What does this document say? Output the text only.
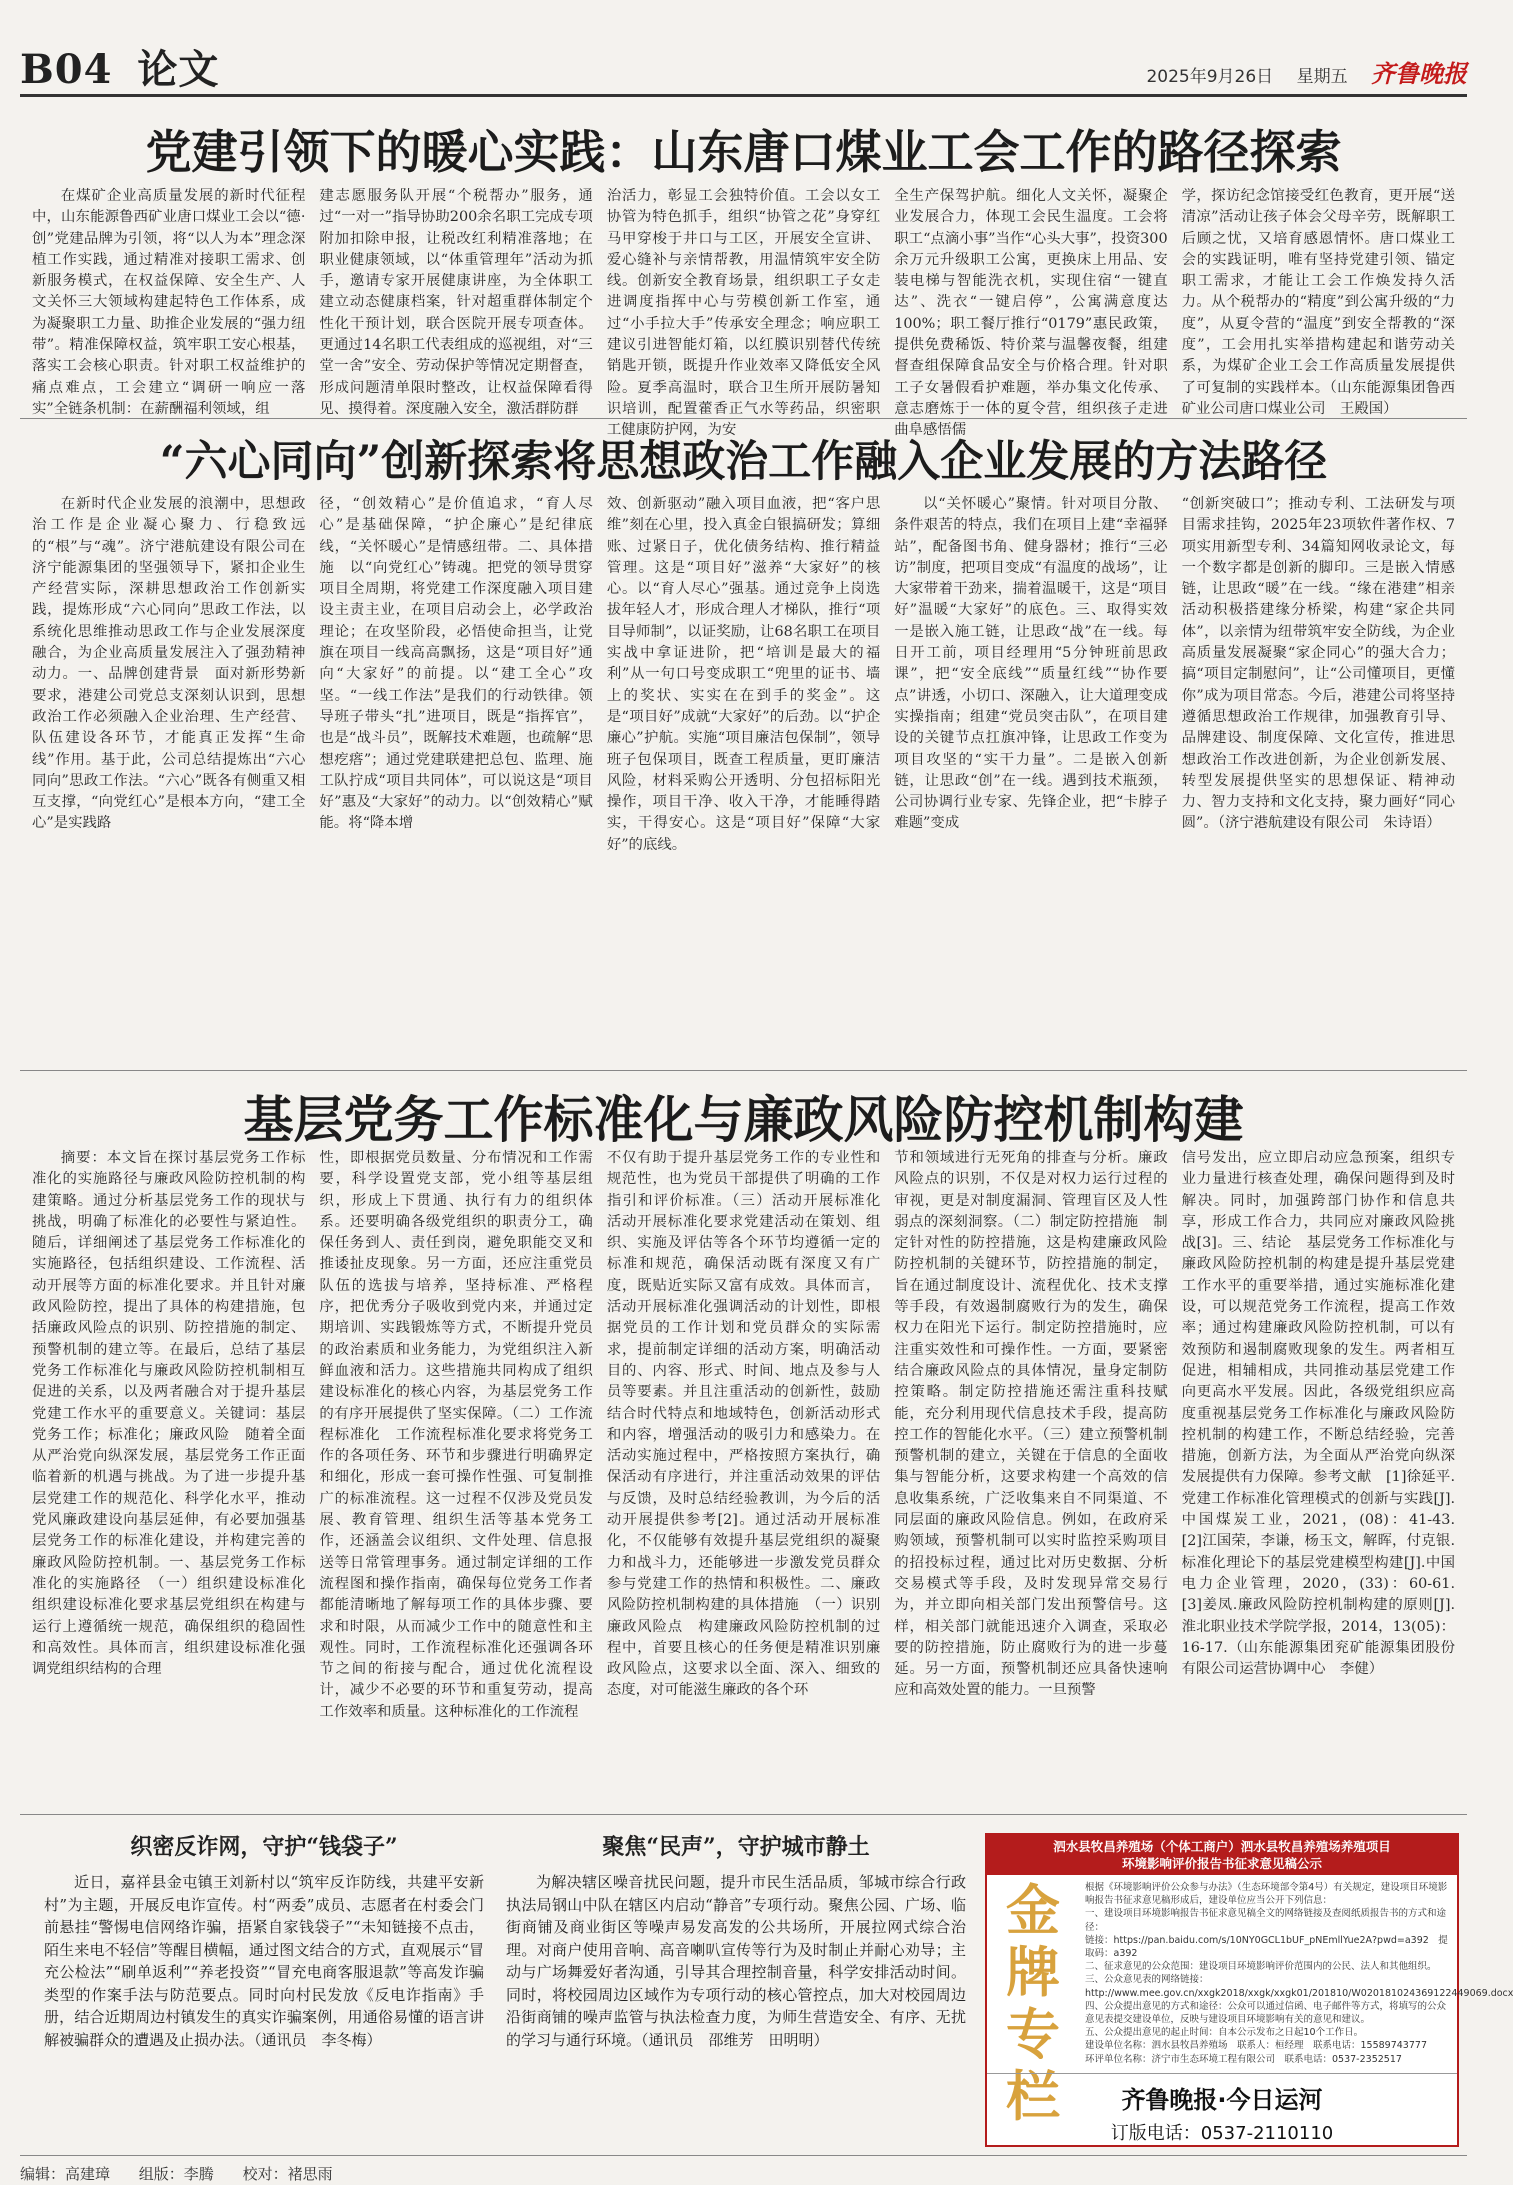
B04 论文	2025年9月26日 星期五 齐鲁晚报
党建引领下的暖心实践：山东唐口煤业工会工作的路径探索

在煤矿企业高质量发展的新时代征程中，山东能源鲁西矿业唐口煤业工会以“德·创”党建品牌为引领，将“以人为本”理念深植工作实践，通过精准对接职工需求、创新服务模式，在权益保障、安全生产、人文关怀三大领域构建起特色工作体系，成为凝聚职工力量、助推企业发展的“强力纽带”。精准保障权益，筑牢职工安心根基，落实工会核心职责。针对职工权益维护的痛点难点，工会建立“调研一响应一落实”全链条机制：在薪酬福利领域，组

建志愿服务队开展“个税帮办”服务，通过“一对一”指导协助200余名职工完成专项附加扣除申报，让税改红利精准落地；在职业健康领域，以“体重管理年”活动为抓手，邀请专家开展健康讲座，为全体职工建立动态健康档案，针对超重群体制定个性化干预计划，联合医院开展专项查体。更通过14名职工代表组成的巡视组，对“三堂一舍”安全、劳动保护等情况定期督查，形成问题清单限时整改，让权益保障看得见、摸得着。深度融入安全，激活群防群

治活力，彰显工会独特价值。工会以女工协管为特色抓手，组织“协管之花”身穿红马甲穿梭于井口与工区，开展安全宣讲、爱心缝补与亲情帮教，用温情筑牢安全防线。创新安全教育场景，组织职工子女走进调度指挥中心与劳模创新工作室，通过“小手拉大手”传承安全理念；响应职工建议引进智能灯箱，以红膜识别替代传统销匙开锁，既提升作业效率又降低安全风险。夏季高温时，联合卫生所开展防暑知识培训，配置藿香正气水等药品，织密职工健康防护网，为安

全生产保驾护航。细化人文关怀，凝聚企业发展合力，体现工会民生温度。工会将职工“点滴小事”当作“心头大事”，投资300余万元升级职工公寓，更换床上用品、安装电梯与智能洗衣机，实现住宿“一键直达”、洗衣“一键启停”，公寓满意度达100%；职工餐厅推行“0179”惠民政策，提供免费稀饭、特价菜与温馨夜餐，组建督查组保障食品安全与价格合理。针对职工子女暑假看护难题，举办集文化传承、意志磨炼于一体的夏令营，组织孩子走进曲阜感悟儒

学，探访纪念馆接受红色教育，更开展“送清凉”活动让孩子体会父母辛劳，既解职工后顾之忧，又培育感恩情怀。唐口煤业工会的实践证明，唯有坚持党建引领、锚定职工需求，才能让工会工作焕发持久活力。从个税帮办的“精度”到公寓升级的“力度”，从夏令营的“温度”到安全帮教的“深度”，工会用扎实举措构建起和谐劳动关系，为煤矿企业工会工作高质量发展提供了可复制的实践样本。（山东能源集团鲁西矿业公司唐口煤业公司　王殿国）

“六心同向”创新探索将思想政治工作融入企业发展的方法路径

在新时代企业发展的浪潮中，思想政治工作是企业凝心聚力、行稳致远的“根”与“魂”。济宁港航建设有限公司在济宁能源集团的坚强领导下，紧扣企业生产经营实际，深耕思想政治工作创新实践，提炼形成“六心同向”思政工作法，以系统化思维推动思政工作与企业发展深度融合，为企业高质量发展注入了强劲精神动力。一、品牌创建背景　面对新形势新要求，港建公司党总支深刻认识到，思想政治工作必须融入企业治理、生产经营、队伍建设各环节，才能真正发挥“生命线”作用。基于此，公司总结提炼出“六心同向”思政工作法。“六心”既各有侧重又相互支撑，“向党红心”是根本方向，“建工全心”是实践路

径，“创效精心”是价值追求，“育人尽心”是基础保障，“护企廉心”是纪律底线，“关怀暖心”是情感纽带。二、具体措施　以“向党红心”铸魂。把党的领导贯穿项目全周期，将党建工作深度融入项目建设主责主业，在项目启动会上，必学政治理论；在攻坚阶段，必悟使命担当，让党旗在项目一线高高飘扬，这是“项目好”通向“大家好”的前提。以“建工全心”攻坚。“一线工作法”是我们的行动铁律。领导班子带头“扎”进项目，既是“指挥官”，也是“战斗员”，既解技术难题，也疏解“思想疙瘩”；通过党建联建把总包、监理、施工队拧成“项目共同体”，可以说这是“项目好”惠及“大家好”的动力。以“创效精心”赋能。将“降本增

效、创新驱动”融入项目血液，把“客户思维”刻在心里，投入真金白银搞研发；算细账、过紧日子，优化债务结构、推行精益管理。这是“项目好”滋养“大家好”的核心。以“育人尽心”强基。通过竞争上岗选拔年轻人才，形成合理人才梯队，推行“项目导师制”，以证奖励，让68名职工在项目实战中拿证进阶，把“培训是最大的福利”从一句口号变成职工“兜里的证书、墙上的奖状、实实在在到手的奖金”。这是“项目好”成就“大家好”的后劲。以“护企廉心”护航。实施“项目廉洁包保制”，领导班子包保项目，既查工程质量，更盯廉洁风险，材料采购公开透明、分包招标阳光操作，项目干净、收入干净，才能睡得踏实，干得安心。这是“项目好”保障“大家好”的底线。

以“关怀暖心”聚情。针对项目分散、条件艰苦的特点，我们在项目上建“幸福驿站”，配备图书角、健身器材；推行“三必访”制度，把项目变成“有温度的战场”，让大家带着干劲来，揣着温暖干，这是“项目好”温暖“大家好”的底色。三、取得实效　一是嵌入施工链，让思政“战”在一线。每日开工前，项目经理用“5分钟班前思政课”，把“安全底线”“质量红线”“协作要点”讲透，小切口、深融入，让大道理变成实操指南；组建“党员突击队”，在项目建设的关键节点扛旗冲锋，让思政工作变为项目攻坚的“实干力量”。二是嵌入创新链，让思政“创”在一线。遇到技术瓶颈，公司协调行业专家、先锋企业，把“卡脖子难题”变成

“创新突破口”；推动专利、工法研发与项目需求挂钩，2025年23项软件著作权、7项实用新型专利、34篇知网收录论文，每一个数字都是创新的脚印。三是嵌入情感链，让思政“暖”在一线。“缘在港建”相亲活动积极搭建缘分桥梁，构建“家企共同体”，以亲情为纽带筑牢安全防线，为企业高质量发展凝聚“家企同心”的强大合力；搞“项目定制慰问”，让“公司懂项目，更懂你”成为项目常态。今后，港建公司将坚持遵循思想政治工作规律，加强教育引导、品牌建设、制度保障、文化宣传，推进思想政治工作改进创新，为企业创新发展、转型发展提供坚实的思想保证、精神动力、智力支持和文化支持，聚力画好“同心圆”。（济宁港航建设有限公司　朱诗语）

基层党务工作标准化与廉政风险防控机制构建

摘要：本文旨在探讨基层党务工作标准化的实施路径与廉政风险防控机制的构建策略。通过分析基层党务工作的现状与挑战，明确了标准化的必要性与紧迫性。随后，详细阐述了基层党务工作标准化的实施路径，包括组织建设、工作流程、活动开展等方面的标准化要求。并且针对廉政风险防控，提出了具体的构建措施，包括廉政风险点的识别、防控措施的制定、预警机制的建立等。在最后，总结了基层党务工作标准化与廉政风险防控机制相互促进的关系，以及两者融合对于提升基层党建工作水平的重要意义。关键词：基层党务工作；标准化；廉政风险　随着全面从严治党向纵深发展，基层党务工作正面临着新的机遇与挑战。为了进一步提升基层党建工作的规范化、科学化水平，推动党风廉政建设向基层延伸，有必要加强基层党务工作的标准化建设，并构建完善的廉政风险防控机制。一、基层党务工作标准化的实施路径　（一）组织建设标准化　组织建设标准化要求基层党组织在构建与运行上遵循统一规范，确保组织的稳固性和高效性。具体而言，组织建设标准化强调党组织结构的合理

性，即根据党员数量、分布情况和工作需要，科学设置党支部，党小组等基层组织，形成上下贯通、执行有力的组织体系。还要明确各级党组织的职责分工，确保任务到人、责任到岗，避免职能交叉和推诿扯皮现象。另一方面，还应注重党员队伍的选拔与培养，坚持标准、严格程序，把优秀分子吸收到党内来，并通过定期培训、实践锻炼等方式，不断提升党员的政治素质和业务能力，为党组织注入新鲜血液和活力。这些措施共同构成了组织建设标准化的核心内容，为基层党务工作的有序开展提供了坚实保障。（二）工作流程标准化　工作流程标准化要求将党务工作的各项任务、环节和步骤进行明确界定和细化，形成一套可操作性强、可复制推广的标准流程。这一过程不仅涉及党员发展、教育管理、组织生活等基本党务工作，还涵盖会议组织、文件处理、信息报送等日常管理事务。通过制定详细的工作流程图和操作指南，确保每位党务工作者都能清晰地了解每项工作的具体步骤、要求和时限，从而减少工作中的随意性和主观性。同时，工作流程标准化还强调各环节之间的衔接与配合，通过优化流程设计，减少不必要的环节和重复劳动，提高工作效率和质量。这种标准化的工作流程

不仅有助于提升基层党务工作的专业性和规范性，也为党员干部提供了明确的工作指引和评价标准。（三）活动开展标准化　活动开展标准化要求党建活动在策划、组织、实施及评估等各个环节均遵循一定的标准和规范，确保活动既有深度又有广度，既贴近实际又富有成效。具体而言，活动开展标准化强调活动的计划性，即根据党员的工作计划和党员群众的实际需求，提前制定详细的活动方案，明确活动目的、内容、形式、时间、地点及参与人员等要素。并且注重活动的创新性，鼓励结合时代特点和地域特色，创新活动形式和内容，增强活动的吸引力和感染力。在活动实施过程中，严格按照方案执行，确保活动有序进行，并注重活动效果的评估与反馈，及时总结经验教训，为今后的活动开展提供参考[2]。通过活动开展标准化，不仅能够有效提升基层党组织的凝聚力和战斗力，还能够进一步激发党员群众参与党建工作的热情和积极性。二、廉政风险防控机制构建的具体措施　（一）识别廉政风险点　构建廉政风险防控机制的过程中，首要且核心的任务便是精准识别廉政风险点，这要求以全面、深入、细致的态度，对可能滋生廉政的各个环

节和领域进行无死角的排查与分析。廉政风险点的识别，不仅是对权力运行过程的审视，更是对制度漏洞、管理盲区及人性弱点的深刻洞察。（二）制定防控措施　制定针对性的防控措施，这是构建廉政风险防控机制的关键环节，防控措施的制定，旨在通过制度设计、流程优化、技术支撑等手段，有效遏制腐败行为的发生，确保权力在阳光下运行。制定防控措施时，应注重实效性和可操作性。一方面，要紧密结合廉政风险点的具体情况，量身定制防控策略。制定防控措施还需注重科技赋能，充分利用现代信息技术手段，提高防控工作的智能化水平。（三）建立预警机制　预警机制的建立，关键在于信息的全面收集与智能分析，这要求构建一个高效的信息收集系统，广泛收集来自不同渠道、不同层面的廉政风险信息。例如，在政府采购领域，预警机制可以实时监控采购项目的招投标过程，通过比对历史数据、分析交易模式等手段，及时发现异常交易行为，并立即向相关部门发出预警信号。这样，相关部门就能迅速介入调查，采取必要的防控措施，防止腐败行为的进一步蔓延。另一方面，预警机制还应具备快速响应和高效处置的能力。一旦预警

信号发出，应立即启动应急预案，组织专业力量进行核查处理，确保问题得到及时解决。同时，加强跨部门协作和信息共享，形成工作合力，共同应对廉政风险挑战[3]。三、结论　基层党务工作标准化与廉政风险防控机制的构建是提升基层党建工作水平的重要举措，通过实施标准化建设，可以规范党务工作流程，提高工作效率；通过构建廉政风险防控机制，可以有效预防和遏制腐败现象的发生。两者相互促进，相辅相成，共同推动基层党建工作向更高水平发展。因此，各级党组织应高度重视基层党务工作标准化与廉政风险防控机制的构建工作，不断总结经验，完善措施，创新方法，为全面从严治党向纵深发展提供有力保障。参考文献　[1]徐延平.党建工作标准化管理模式的创新与实践[J].中国煤炭工业，2021，(08)：41-43.　[2]江国荣，李谦，杨玉文，解晖，付克银.标准化理论下的基层党建模型构建[J].中国电力企业管理，2020，(33)：60-61.　[3]姜凤.廉政风险防控机制构建的原则[J].淮北职业技术学院学报，2014，13(05)：16-17.（山东能源集团兖矿能源集团股份有限公司运营协调中心　李健）

织密反诈网，守护“钱袋子”

近日，嘉祥县金屯镇王刘新村以“筑牢反诈防线，共建平安新村”为主题，开展反电诈宣传。村“两委”成员、志愿者在村委会门前悬挂“警惕电信网络诈骗，捂紧自家钱袋子”“未知链接不点击，陌生来电不轻信”等醒目横幅，通过图文结合的方式，直观展示“冒充公检法”“刷单返利”“养老投资”“冒充电商客服退款”等高发诈骗类型的作案手法与防范要点。同时向村民发放《反电诈指南》手册，结合近期周边村镇发生的真实诈骗案例，用通俗易懂的语言讲解被骗群众的遭遇及止损办法。（通讯员　李冬梅）

聚焦“民声”，守护城市静土

为解决辖区噪音扰民问题，提升市民生活品质，邹城市综合行政执法局钢山中队在辖区内启动“静音”专项行动。聚焦公园、广场、临街商铺及商业街区等噪声易发高发的公共场所，开展拉网式综合治理。对商户使用音响、高音喇叭宣传等行为及时制止并耐心劝导；主动与广场舞爱好者沟通，引导其合理控制音量，科学安排活动时间。同时，将校园周边区域作为专项行动的核心管控点，加大对校园周边沿街商铺的噪声监管与执法检查力度，为师生营造安全、有序、无扰的学习与通行环境。（通讯员　邵维芳　田明明）

泗水县牧昌养殖场（个体工商户）泗水县牧昌养殖场养殖项目
环境影响评价报告书征求意见稿公示
金
牌
专
栏

根据《环境影响评价公众参与办法》（生态环境部令第4号）有关规定，建设项目环境影响报告书征求意见稿形成后，建设单位应当公开下列信息：

一、建设项目环境影响报告书征求意见稿全文的网络链接及查阅纸质报告书的方式和途径：

链接：https://pan.baidu.com/s/10NY0GCL1bUF_pNEmllYue2A?pwd=a392　提取码：a392

二、征求意见的公众范围：建设项目环境影响评价范围内的公民、法人和其他组织。

三、公众意见表的网络链接：http://www.mee.gov.cn/xxgk2018/xxgk/xxgk01/201810/W020181024369122449069.docx

四、公众提出意见的方式和途径：公众可以通过信函、电子邮件等方式，将填写的公众意见表提交建设单位，反映与建设项目环境影响有关的意见和建议。

五、公众提出意见的起止时间：自本公示发布之日起10个工作日。

建设单位名称：泗水县牧昌养殖场　联系人：桓经理　联系电话：15589743777

环评单位名称：济宁市生态环境工程有限公司　联系电话：0537-2352517

齐鲁晚报·今日运河
订版电话：0537-2110110
编辑：高建璋 组版：李腾 校对：褚思雨
